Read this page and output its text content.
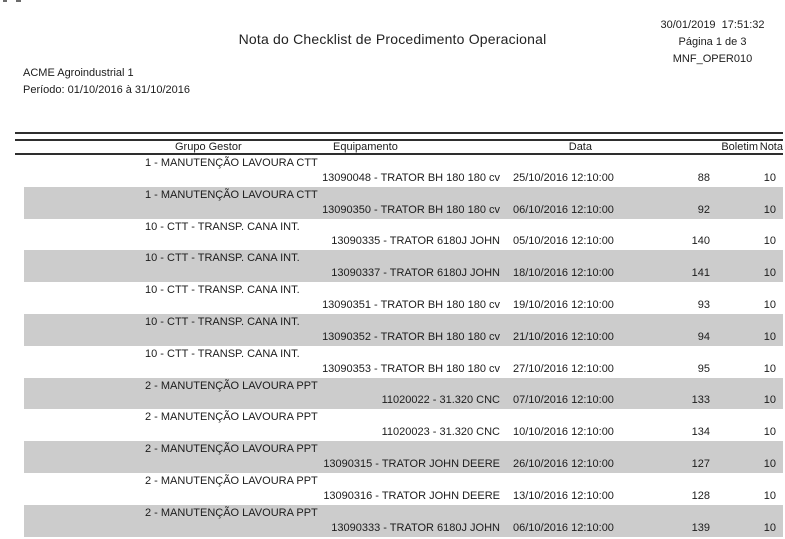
Nota do Checklist de Procedimento Operacional
30/01/2019  17:51:32
Página 1 de 3
MNF_OPER010
ACME Agroindustrial 1
Período: 01/10/2016 à 31/10/2016
Grupo Gestor	Equipamento	Data	Boletim Nota
1 - MANUTENÇÃO LAVOURA CTT
13090048 - TRATOR BH 180 180 cv 25/10/2016 12:10:00	88	10
1 - MANUTENÇÃO LAVOURA CTT
13090350 - TRATOR BH 180 180 cv 06/10/2016 12:10:00	92	10
10 - CTT - TRANSP. CANA INT.
13090335 - TRATOR 6180J JOHN 05/10/2016 12:10:00	140	10
10 - CTT - TRANSP. CANA INT.
13090337 - TRATOR 6180J JOHN 18/10/2016 12:10:00	141	10
10 - CTT - TRANSP. CANA INT.
13090351 - TRATOR BH 180 180 cv 19/10/2016 12:10:00	93	10
10 - CTT - TRANSP. CANA INT.
13090352 - TRATOR BH 180 180 cv 21/10/2016 12:10:00	94	10
10 - CTT - TRANSP. CANA INT.
13090353 - TRATOR BH 180 180 cv 27/10/2016 12:10:00	95	10
2 - MANUTENÇÃO LAVOURA PPT
11020022 - 31.320 CNC 07/10/2016 12:10:00	133	10
2 - MANUTENÇÃO LAVOURA PPT
11020023 - 31.320 CNC 10/10/2016 12:10:00	134	10
2 - MANUTENÇÃO LAVOURA PPT
13090315 - TRATOR JOHN DEERE 26/10/2016 12:10:00	127	10
2 - MANUTENÇÃO LAVOURA PPT
13090316 - TRATOR JOHN DEERE 13/10/2016 12:10:00	128	10
2 - MANUTENÇÃO LAVOURA PPT
13090333 - TRATOR 6180J JOHN 06/10/2016 12:10:00	139	10
